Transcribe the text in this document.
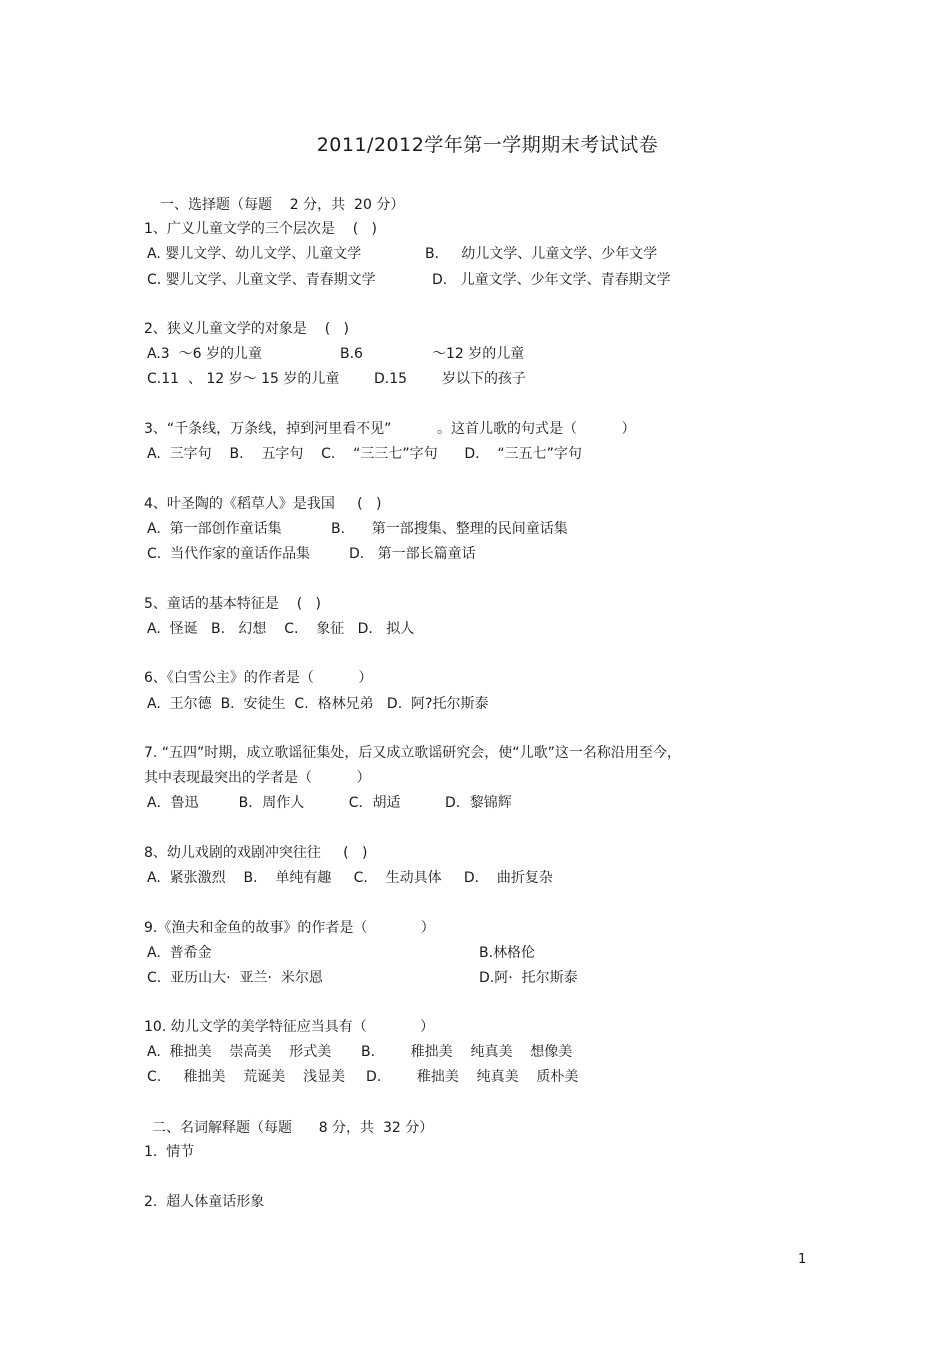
2011/2012学年第一学期期末考试试卷
一、选择题（每题    2 分，共  20 分）
1、广义儿童文学的三个层次是    (   )
A. 婴儿文学、幼儿文学、儿童文学	B.     幼儿文学、儿童文学、少年文学
C. 婴儿文学、儿童文学、青春期文学	D.   儿童文学、少年文学、青春期文学
2、狭义儿童文学的对象是    (   )
A.3  ～6 岁的儿童	B.6	～12 岁的儿童
C.11  、 12 岁～ 15 岁的儿童 D.15 岁以下的孩子
3、“千条线，万条线，掉到河里看不见”	。这首儿歌的句式是（          ）
A.  三字句    B.    五字句    C.    “三三七”字句      D.    “三五七”字句
4、叶圣陶的《稻草人》是我国     (   )
A.  第一部创作童话集	B.      第一部搜集、整理的民间童话集
C.  当代作家的童话作品集	D.   第一部长篇童话
5、童话的基本特征是    (   )
A.  怪诞   B.   幻想    C.    象征   D.   拟人
6、《白雪公主》的作者是（          ）
A.  王尔德  B.  安徒生  C.  格林兄弟   D.  阿?托尔斯泰
7. “五四”时期，成立歌谣征集处，后又成立歌谣研究会，使“儿歌”这一名称沿用至今，
其中表现最突出的学者是（          ）
A．鲁迅         B．周作人          C．胡适          D．黎锦辉
8、幼儿戏剧的戏剧冲突往往     (   )
A.  紧张激烈    B.    单纯有趣     C.    生动具体     D.    曲折复杂
9.《渔夫和金鱼的故事》的作者是（            ）
A.  普希金	B.林格伦
C.  亚历山大·  亚兰·  米尔恩	D.阿·  托尔斯泰
10. 幼儿文学的美学特征应当具有（            ）
A.  稚拙美    崇高美    形式美 B.        稚拙美    纯真美    想像美
C.     稚拙美    荒诞美    浅显美 D.        稚拙美    纯真美    质朴美
二、名词解释题（每题      8 分，共  32 分）
1.  情节
2.  超人体童话形象
1
